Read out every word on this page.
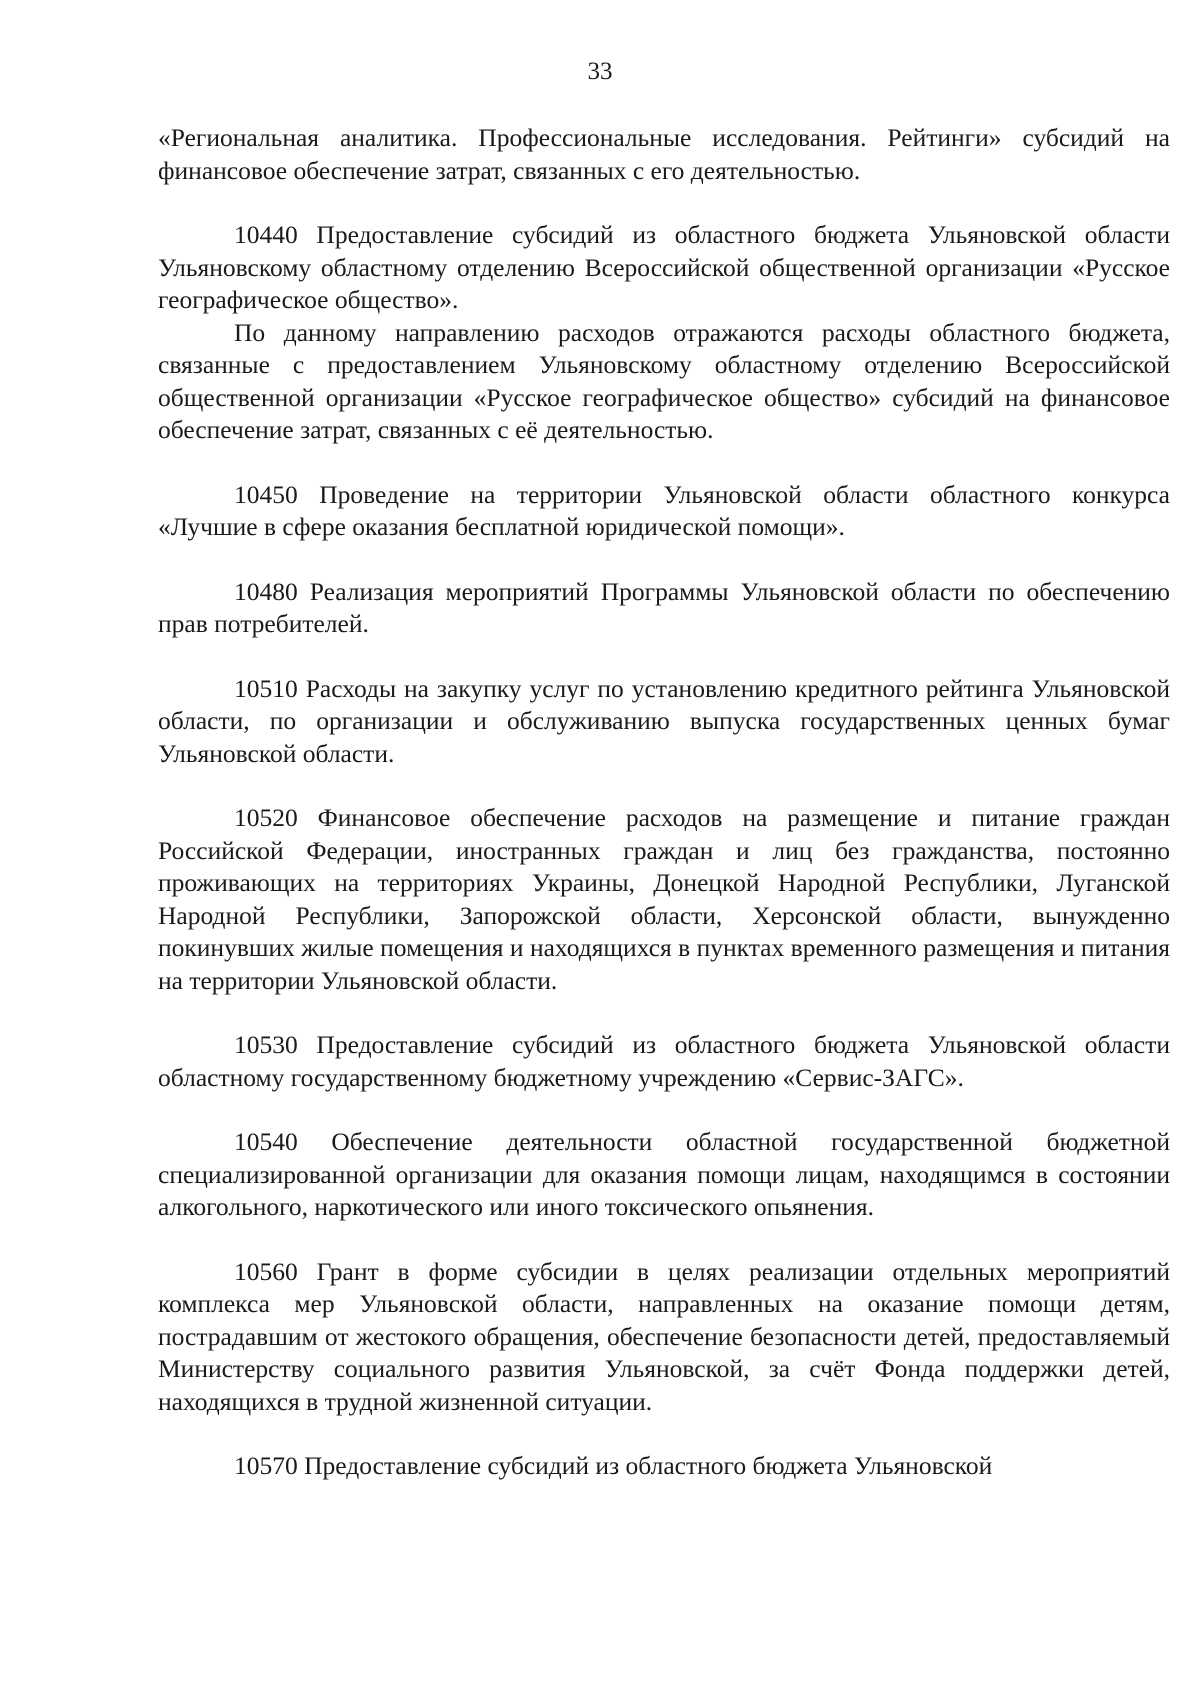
33

«Региональная аналитика. Профессиональные исследования. Рейтинги» субсидий на финансовое обеспечение затрат, связанных с его деятельностью.

10440 Предоставление субсидий из областного бюджета Ульяновской области Ульяновскому областному отделению Всероссийской общественной организации «Русское географическое общество».

По данному направлению расходов отражаются расходы областного бюджета, связанные с предоставлением Ульяновскому областному отделению Всероссийской общественной организации «Русское географическое общество» субсидий на финансовое обеспечение затрат, связанных с её деятельностью.

10450 Проведение на территории Ульяновской области областного конкурса «Лучшие в сфере оказания бесплатной юридической помощи».

10480 Реализация мероприятий Программы Ульяновской области по обеспечению прав потребителей.

10510 Расходы на закупку услуг по установлению кредитного рейтинга Ульяновской области, по организации и обслуживанию выпуска государственных ценных бумаг Ульяновской области.

10520 Финансовое обеспечение расходов на размещение и питание граждан Российской Федерации, иностранных граждан и лиц без гражданства, постоянно проживающих на территориях Украины, Донецкой Народной Республики, Луганской Народной Республики, Запорожской области, Херсонской области, вынужденно покинувших жилые помещения и находящихся в пунктах временного размещения и питания на территории Ульяновской области.

10530 Предоставление субсидий из областного бюджета Ульяновской области областному государственному бюджетному учреждению «Сервис-ЗАГС».

10540 Обеспечение деятельности областной государственной бюджетной специализированной организации для оказания помощи лицам, находящимся в состоянии алкогольного, наркотического или иного токсического опьянения.

10560 Грант в форме субсидии в целях реализации отдельных мероприятий комплекса мер Ульяновской области, направленных на оказание помощи детям, пострадавшим от жестокого обращения, обеспечение безопасности детей, предоставляемый Министерству социального развития Ульяновской, за счёт Фонда поддержки детей, находящихся в трудной жизненной ситуации.

10570 Предоставление субсидий из областного бюджета Ульяновской
